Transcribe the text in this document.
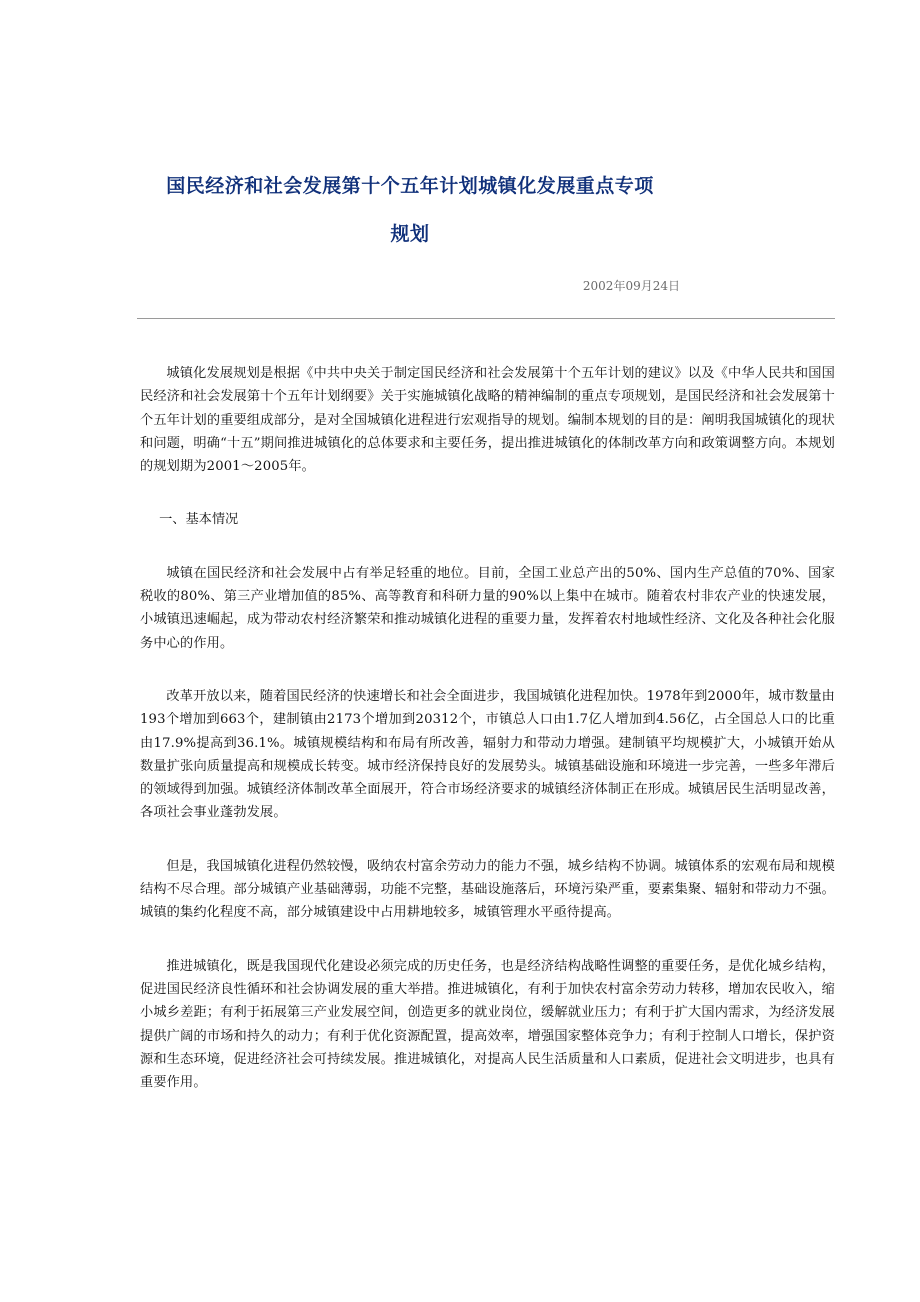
国民经济和社会发展第十个五年计划城镇化发展重点专项
规划
2002年09月24日

城镇化发展规划是根据《中共中央关于制定国民经济和社会发展第十个五年计划的建议》以及《中华人民共和国国民经济和社会发展第十个五年计划纲要》关于实施城镇化战略的精神编制的重点专项规划，是国民经济和社会发展第十个五年计划的重要组成部分，是对全国城镇化进程进行宏观指导的规划。编制本规划的目的是：阐明我国城镇化的现状和问题，明确“十五”期间推进城镇化的总体要求和主要任务，提出推进城镇化的体制改革方向和政策调整方向。本规划的规划期为2001～2005年。

一、基本情况

城镇在国民经济和社会发展中占有举足轻重的地位。目前，全国工业总产出的50%、国内生产总值的70%、国家税收的80%、第三产业增加值的85%、高等教育和科研力量的90%以上集中在城市。随着农村非农产业的快速发展，小城镇迅速崛起，成为带动农村经济繁荣和推动城镇化进程的重要力量，发挥着农村地域性经济、文化及各种社会化服务中心的作用。

改革开放以来，随着国民经济的快速增长和社会全面进步，我国城镇化进程加快。1978年到2000年，城市数量由193个增加到663个，建制镇由2173个增加到20312个，市镇总人口由1.7亿人增加到4.56亿，占全国总人口的比重由17.9%提高到36.1%。城镇规模结构和布局有所改善，辐射力和带动力增强。建制镇平均规模扩大，小城镇开始从数量扩张向质量提高和规模成长转变。城市经济保持良好的发展势头。城镇基础设施和环境进一步完善，一些多年滞后的领域得到加强。城镇经济体制改革全面展开，符合市场经济要求的城镇经济体制正在形成。城镇居民生活明显改善，各项社会事业蓬勃发展。

但是，我国城镇化进程仍然较慢，吸纳农村富余劳动力的能力不强，城乡结构不协调。城镇体系的宏观布局和规模结构不尽合理。部分城镇产业基础薄弱，功能不完整，基础设施落后，环境污染严重，要素集聚、辐射和带动力不强。城镇的集约化程度不高，部分城镇建设中占用耕地较多，城镇管理水平亟待提高。

推进城镇化，既是我国现代化建设必须完成的历史任务，也是经济结构战略性调整的重要任务，是优化城乡结构，促进国民经济良性循环和社会协调发展的重大举措。推进城镇化，有利于加快农村富余劳动力转移，增加农民收入，缩小城乡差距；有利于拓展第三产业发展空间，创造更多的就业岗位，缓解就业压力；有利于扩大国内需求，为经济发展提供广阔的市场和持久的动力；有利于优化资源配置，提高效率，增强国家整体竞争力；有利于控制人口增长，保护资源和生态环境，促进经济社会可持续发展。推进城镇化，对提高人民生活质量和人口素质，促进社会文明进步，也具有重要作用。
